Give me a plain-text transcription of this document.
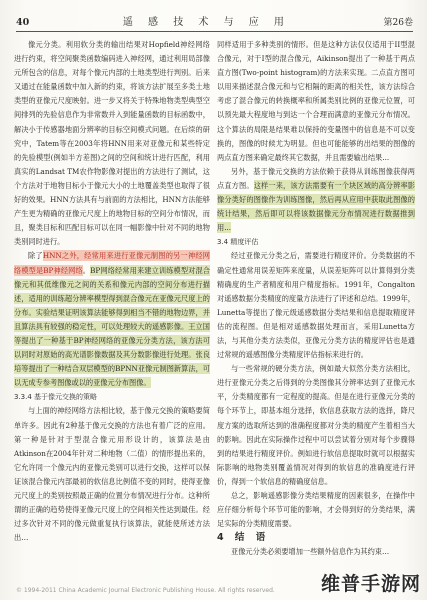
40	遥 感 技 术 与 应 用	第26卷

像元分类。利用软分类的输出结果对Hopfield神经网络进行约束，将空间聚类函数编码进入神经网，通过利用局部像元所包含的信息，对每个像元内部的土地类型进行判别。后来又通过在能量函数中加入新的约束，将该方法扩展至多类土地类型的亚像元尺度映射。进一步又将关于特殊地物类型典型空间排列的先验信息作为非常数并入到能量函数的目标函数中，解决小于传感器地面分辨率的目标空间模式问题。在后续的研究中，Tatem等在2003年将HNN用来对亚像元和某些特定的先验模型(例如半方差图)之间的空间和统计进行匹配，利用真实的Landsat TM农作物影像对提出的方法进行了测试，这个方法对于地物目标小于像元大小的土地覆盖类型也取得了很好的效果。HNN方法具有与前面的方法相比，HNN方法能够产生更为精确的亚像元尺度上的地物目标的空间分布情况，而且，聚类目标和匹配目标可以在同一幅影像中针对不同的地物类别同时进行。

除了HNN之外，经常用来进行亚像元制图的另一神经网络模型是BP神经网络。BP网络经常用来建立训练模型对混合像元和其低维像元之间的关系和像元内部的空间分布进行描述，适用的训练超分辨率模型得到混合像元在亚像元尺度上的分布。实验结果证明该算法能够得到相当不错的地物边界，并且算法具有较强的稳定性，可以处理较大的遥感影像。王立国等提出了一种基于BP神经网络的亚像元分类方法，该方法可以同时对原始的高光谱影像数据及其分数影像进行处理。张良培等提出了一种结合双层模型的BPNN亚像元制图新算法，可以无成专参考图像或以的亚像元分布图像。

3.3.4 基于像元交换的策略

与上面的神经网络方法相比较，基于像元交换的策略要简单许多。因此有2种基于像元交换的方法也有着广泛的应用。第一种是针对于型混合像元用形设计的，该算法是由Atkinson在2004年针对二种地物（二值）的情形提出来的，它允许同一个像元内的亚像元类别可以进行交换，这样可以保证该混合像元内部最初的软信息比例值不变的同时，使得亚像元尺度上的类别按照最正确的位置分布情况进行分布。这种所谓的正确的趋势使得亚像元尺度上的空间相关性达到最佳。经过多次针对不同的像元做重复执行该算法，就能使所述方法出…

同样适用于多种类别的情形。但是这种方法仅仅适用于II型混合像元，对于I型的混合像元，Aikinson提出了一种基于两点直方图(Two-point histogram)的方法来实现。二点直方图可以用来描述混合像元和与它相隔的距离的相关性，该方法综合考虑了混合像元的转换概率和所属类别比例的亚像元位置，可以预先最大程度地与到达一个合理而满意的亚像元分布情况。这个算法的局限是结果难以保持的变量图中的信息是不可以变换的，图像的时候尤为明显。但也可能能够的出结果的图像的两点直方图来确定最终其它数据，并且需要输出结果...

另外，基于像元交换的方法依赖于获得从训练图像获得两点直方图。这样一来，该方法需要有一个块区域的高分辨率影像分类好的图像作为训练图像，然后再从应用中获取此图像的统计结果，然后即可以将该数据像元分布情况进行数据推到用...

3.4 精度评估

经过亚像元分类之后，需要进行精度评价。分类数据的不确定性通常用误差矩阵来度量，从误差矩阵可以计算得到分类精确度的生产者精度和用户精度指标。1991年，Congalton对遥感数据分类精度的度量方法进行了评述和总结。1999年，Lunetta等提出了像元级遥感数据分类结果和信息提取精度评估的流程图。但是相对遥感数据处理而言，采用Lunetta方法，与其他分类方法类似，亚像元分类方法的精度评估也是通过常规的遥感图像分类精度评估指标来进行的。

与一些常规的硬分类方法，例如最大似然分类方法相比，进行亚像元分类之后得到的分类图像其分辨率达到了亚像元水平，分类精度都有一定程度的提高。但是在进行亚像元分类的每个环节上，即基本组分选择，软信息获取方法的选择，降尺度方案的选取所达到的准确程度都对分类的精度产生着相当大的影响。因此在实际操作过程中可以尝试着分别对每个步骤得到的结果进行精度评价。例如进行软信息提取时就可以根据实际影响的地物类别覆盖情况对得到的软信息的准确度进行评价，得到一个软信息的精确度信息。

总之，影响遥感影像分类结果精度的因素很多，在操作中应仔细分析每个环节可能的影响，才会得到好的分类结果，满足实际的分类精度需要。

4 结 语

亚像元分类必须要增加一些额外信息作为其约束…

© 1994-2011 China Academic Journal Electronic Publishing House. All rights reserved. 维普手游网
